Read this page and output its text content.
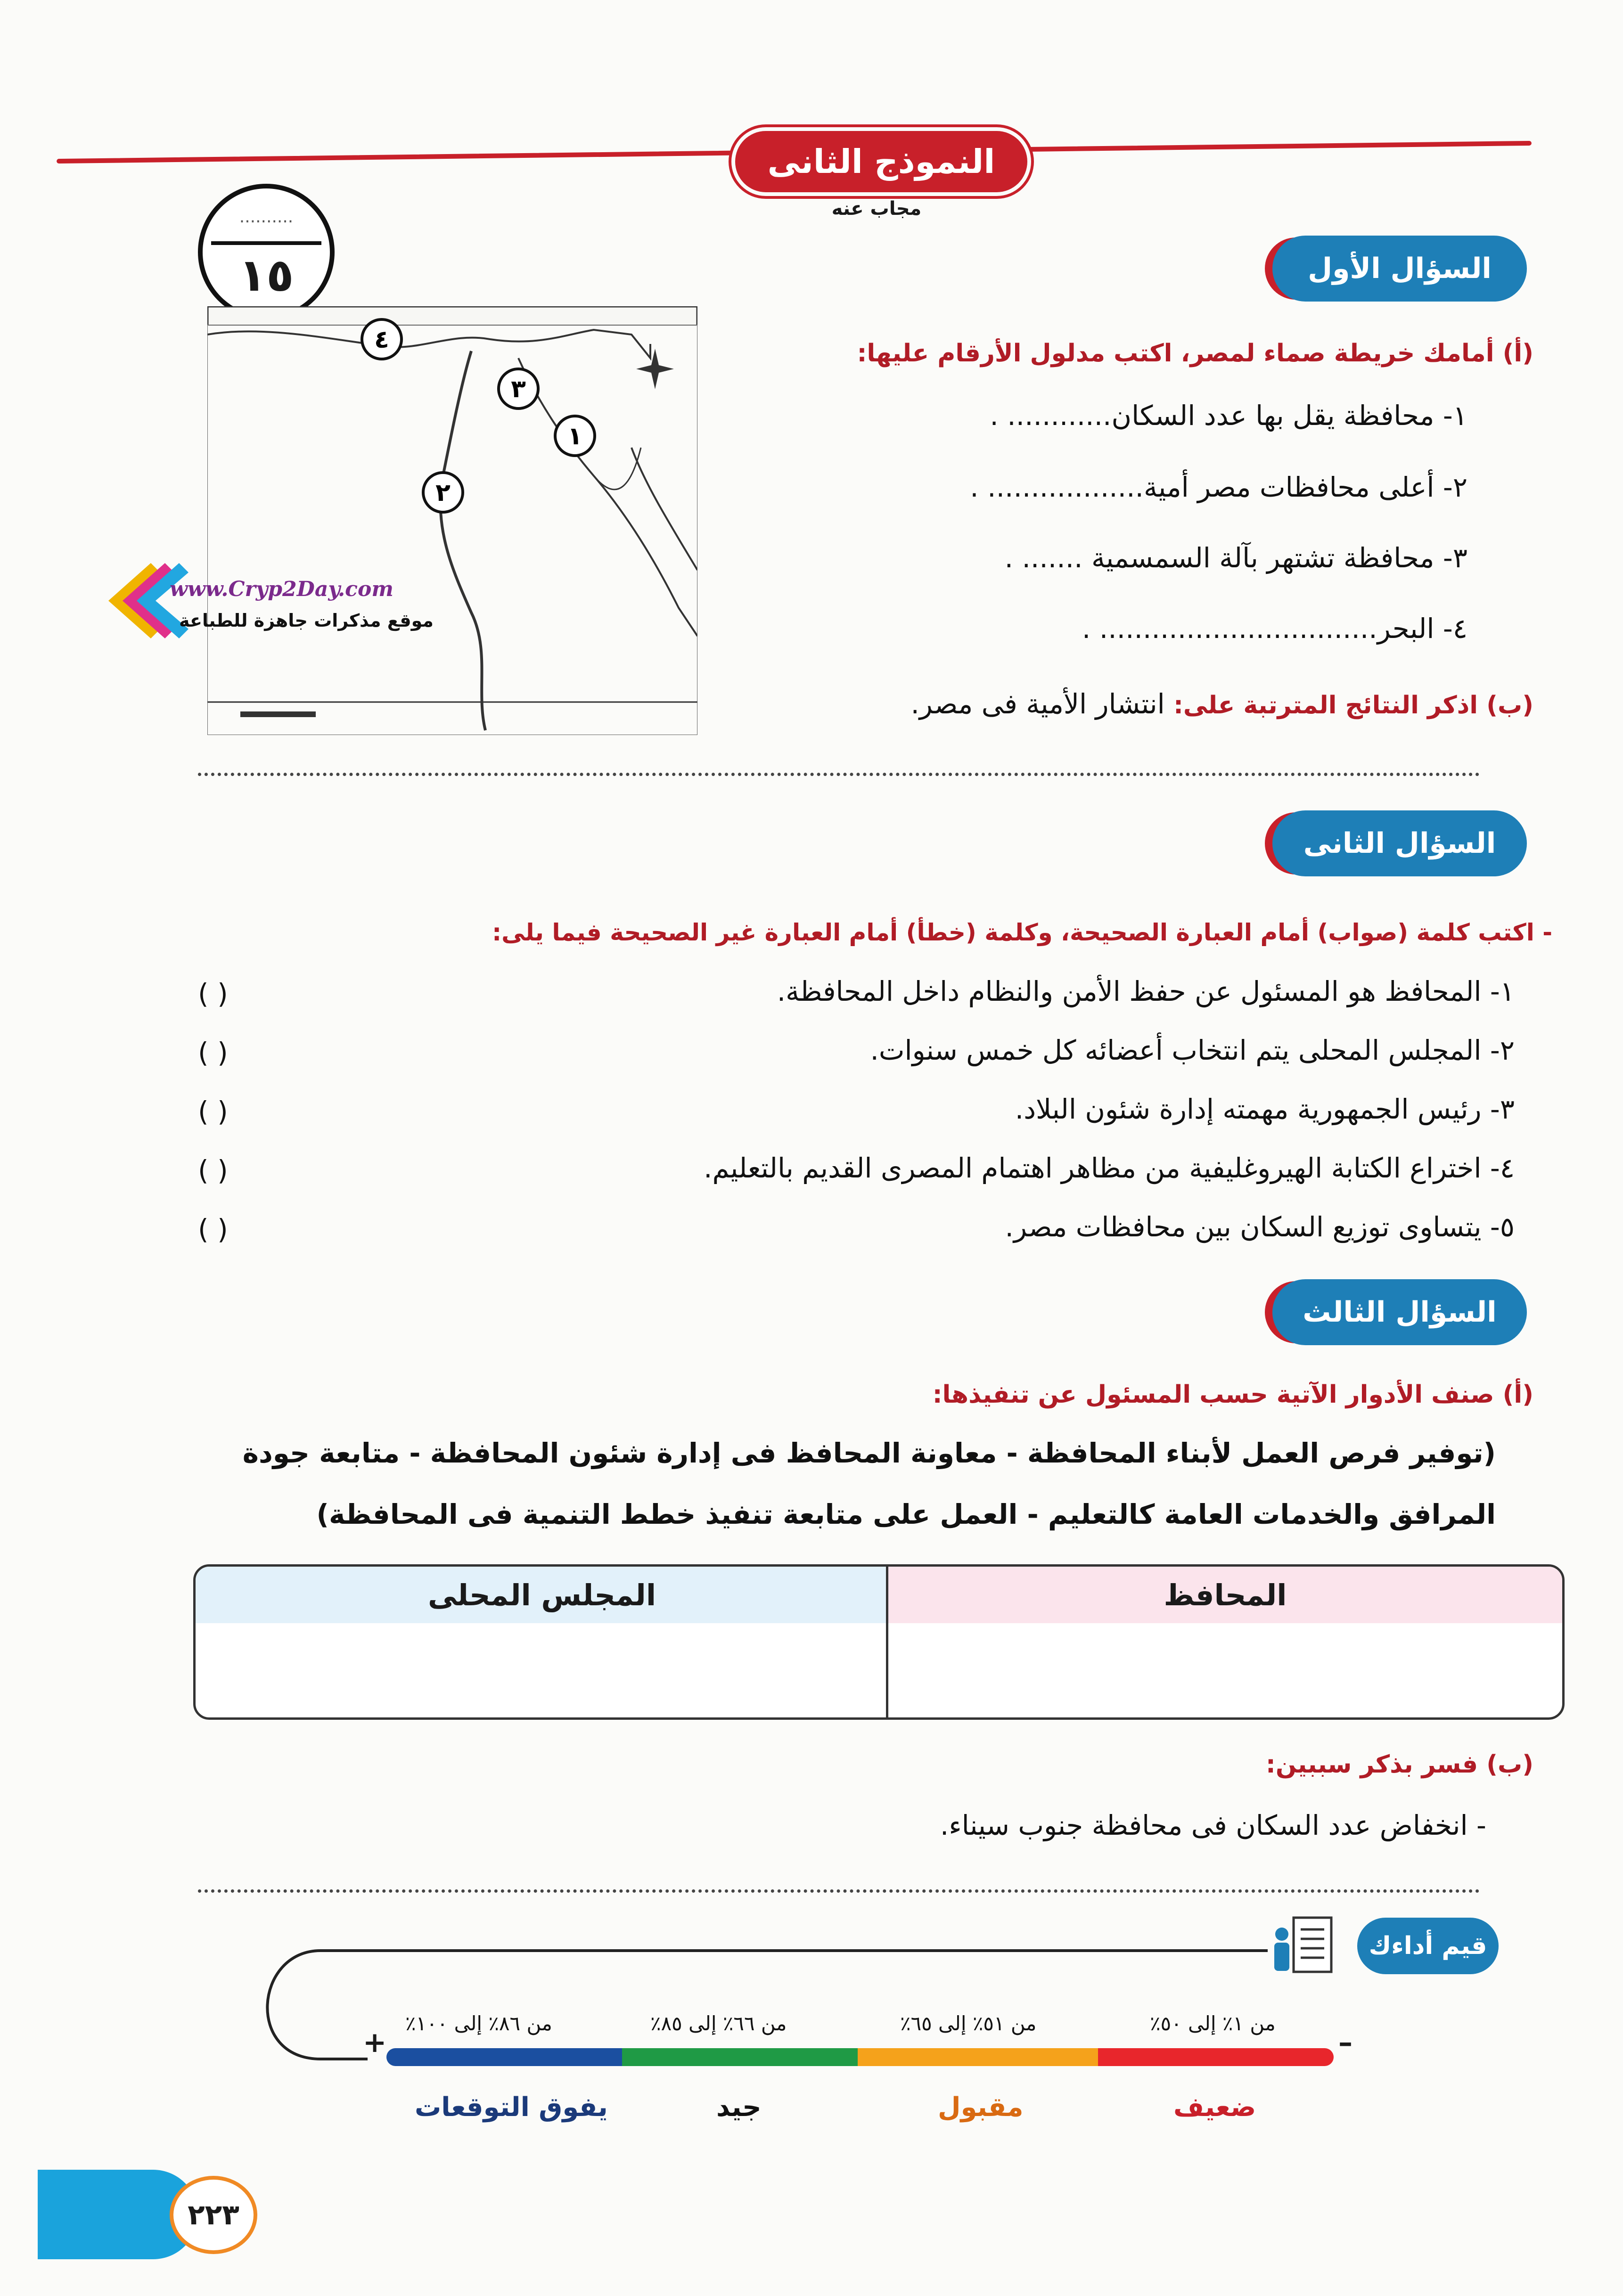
النموذج الثانى
مجاب عنه
..........
١٥	السؤال الأول
(أ) أمامك خريطة صماء لمصر، اكتب مدلول الأرقام عليها:
١- محافظة يقل بها عدد السكان............ .
٢- أعلى محافظات مصر أمية.................. .
٣- محافظة تشتهر بآلة السمسمية ....... .
٤- البحر................................ .
(ب) اذكر النتائج المترتبة على: انتشار الأمية فى مصر.
٤
٣
١
٢
www.Cryp2Day.com
موقع مذكرات جاهزة للطباعة
السؤال الثانى
- اكتب كلمة (صواب) أمام العبارة الصحيحة، وكلمة (خطأ) أمام العبارة غير الصحيحة فيما يلى:
١- المحافظ هو المسئول عن حفظ الأمن والنظام داخل المحافظة.
( )
٢- المجلس المحلى يتم انتخاب أعضائه كل خمس سنوات.
( )
٣- رئيس الجمهورية مهمته إدارة شئون البلاد.
( )
٤- اختراع الكتابة الهيروغليفية من مظاهر اهتمام المصرى القديم بالتعليم.
( )
٥- يتساوى توزيع السكان بين محافظات مصر.
( )
السؤال الثالث
(أ) صنف الأدوار الآتية حسب المسئول عن تنفيذها:
(توفير فرص العمل لأبناء المحافظة - معاونة المحافظ فى إدارة شئون المحافظة - متابعة جودة
المرافق والخدمات العامة كالتعليم - العمل على متابعة تنفيذ خطط التنمية فى المحافظة)
المحافظ
المجلس المحلى
(ب) فسر بذكر سببين:
- انخفاض عدد السكان فى محافظة جنوب سيناء.
قيم أداءك
+	–
من ١٪ إلى ٥٠٪
من ٥١٪ إلى ٦٥٪
من ٦٦٪ إلى ٨٥٪
من ٨٦٪ إلى ١٠٠٪
ضعيف
مقبول
جيد
يفوق التوقعات
٢٢٣
